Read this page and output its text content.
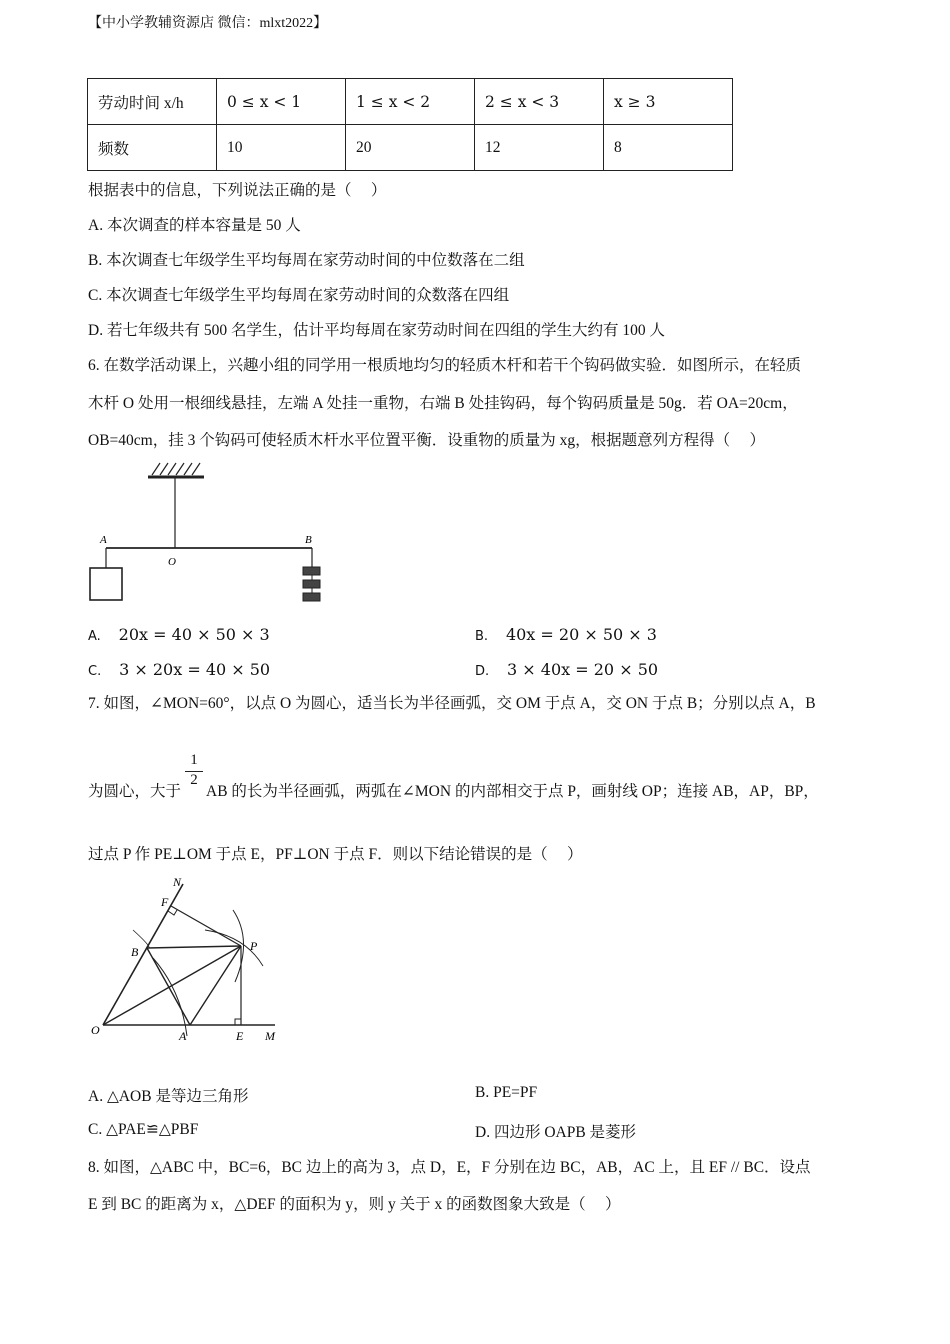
【中小学教辅资源店 微信：mlxt2022】
劳动时间 x/h	0 ≤ x < 1	1 ≤ x < 2	2 ≤ x < 3	x ≥ 3
频数	10	20	12	8
根据表中的信息，下列说法正确的是（　 ）
A. 本次调查的样本容量是 50 人
B. 本次调查七年级学生平均每周在家劳动时间的中位数落在二组
C. 本次调查七年级学生平均每周在家劳动时间的众数落在四组
D. 若七年级共有 500 名学生，估计平均每周在家劳动时间在四组的学生大约有 100 人
6. 在数学活动课上，兴趣小组的同学用一根质地均匀的轻质木杆和若干个钩码做实验．如图所示，在轻质
木杆 O 处用一根细线悬挂，左端 A 处挂一重物，右端 B 处挂钩码，每个钩码质量是 50g．若 OA=20cm，
OB=40cm，挂 3 个钩码可使轻质木杆水平位置平衡．设重物的质量为 xg，根据题意列方程得（　 ）
A
O
B
A. 20x = 40 × 50 × 3	B. 40x = 20 × 50 × 3
C. 3 × 20x = 40 × 50	D. 3 × 40x = 20 × 50
7. 如图，∠MON=60°，以点 O 为圆心，适当长为半径画弧，交 OM 于点 A，交 ON 于点 B；分别以点 A，B
为圆心，大于
$\frac{1}{2}$
AB 的长为半径画弧，两弧在∠MON 的内部相交于点 P，画射线 OP；连接 AB，AP，BP，
过点 P 作 PE⊥OM 于点 E，PF⊥ON 于点 F．则以下结论错误的是（　 ）
N
F
B	P
O	A	E M
A. △AOB 是等边三角形	B. PE=PF
C. △PAE≌△PBF	D. 四边形 OAPB 是菱形
8. 如图，△ABC 中，BC=6，BC 边上的高为 3，点 D，E，F 分别在边 BC，AB，AC 上，且 EF // BC．设点
E 到 BC 的距离为 x，△DEF 的面积为 y，则 y 关于 x 的函数图象大致是（　 ）
